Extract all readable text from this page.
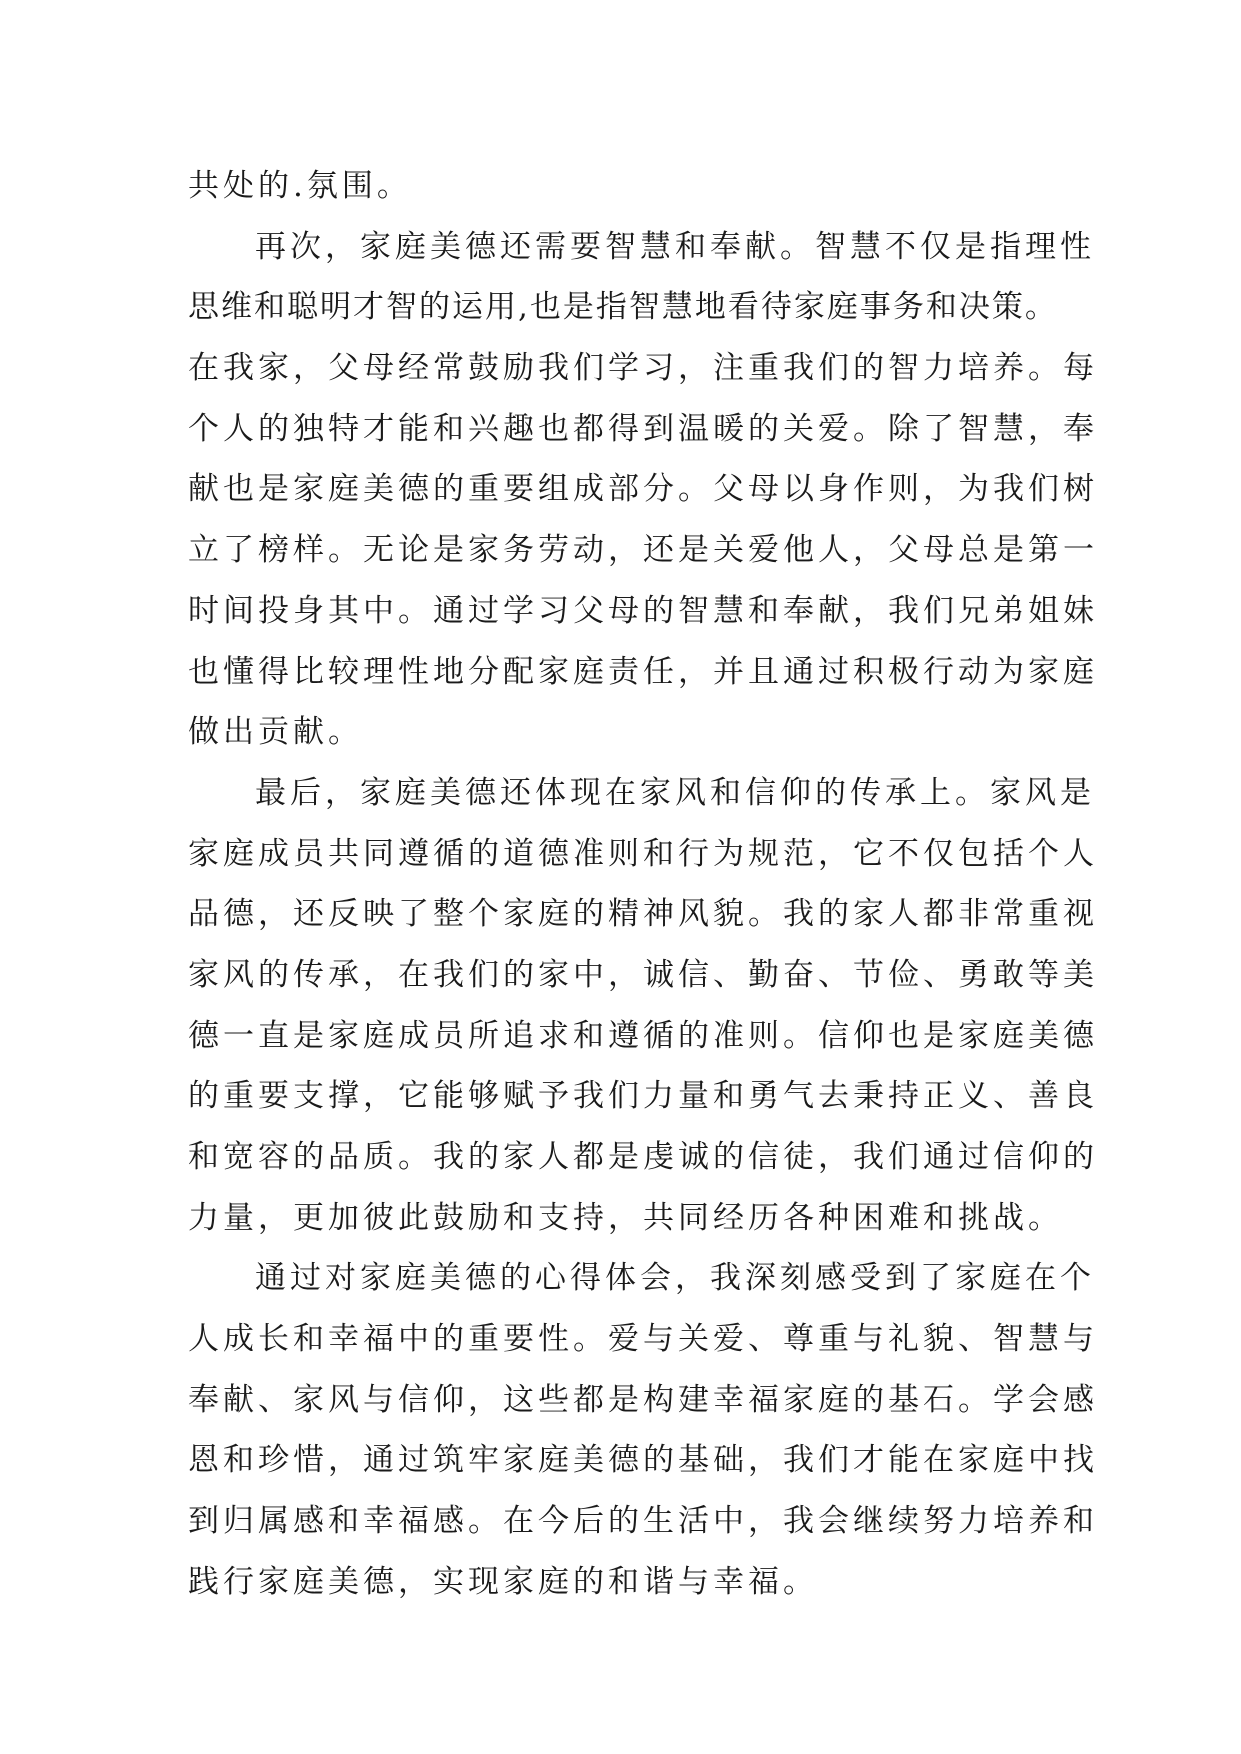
共处的.氛围。
再次，家庭美德还需要智慧和奉献。智慧不仅是指理性
思维和聪明才智的运用,也是指智慧地看待家庭事务和决策。
在我家，父母经常鼓励我们学习，注重我们的智力培养。每
个人的独特才能和兴趣也都得到温暖的关爱。除了智慧，奉
献也是家庭美德的重要组成部分。父母以身作则，为我们树
立了榜样。无论是家务劳动，还是关爱他人，父母总是第一
时间投身其中。通过学习父母的智慧和奉献，我们兄弟姐妹
也懂得比较理性地分配家庭责任，并且通过积极行动为家庭
做出贡献。
最后，家庭美德还体现在家风和信仰的传承上。家风是
家庭成员共同遵循的道德准则和行为规范，它不仅包括个人
品德，还反映了整个家庭的精神风貌。我的家人都非常重视
家风的传承，在我们的家中，诚信、勤奋、节俭、勇敢等美
德一直是家庭成员所追求和遵循的准则。信仰也是家庭美德
的重要支撑，它能够赋予我们力量和勇气去秉持正义、善良
和宽容的品质。我的家人都是虔诚的信徒，我们通过信仰的
力量，更加彼此鼓励和支持，共同经历各种困难和挑战。
通过对家庭美德的心得体会，我深刻感受到了家庭在个
人成长和幸福中的重要性。爱与关爱、尊重与礼貌、智慧与
奉献、家风与信仰，这些都是构建幸福家庭的基石。学会感
恩和珍惜，通过筑牢家庭美德的基础，我们才能在家庭中找
到归属感和幸福感。在今后的生活中，我会继续努力培养和
践行家庭美德，实现家庭的和谐与幸福。
